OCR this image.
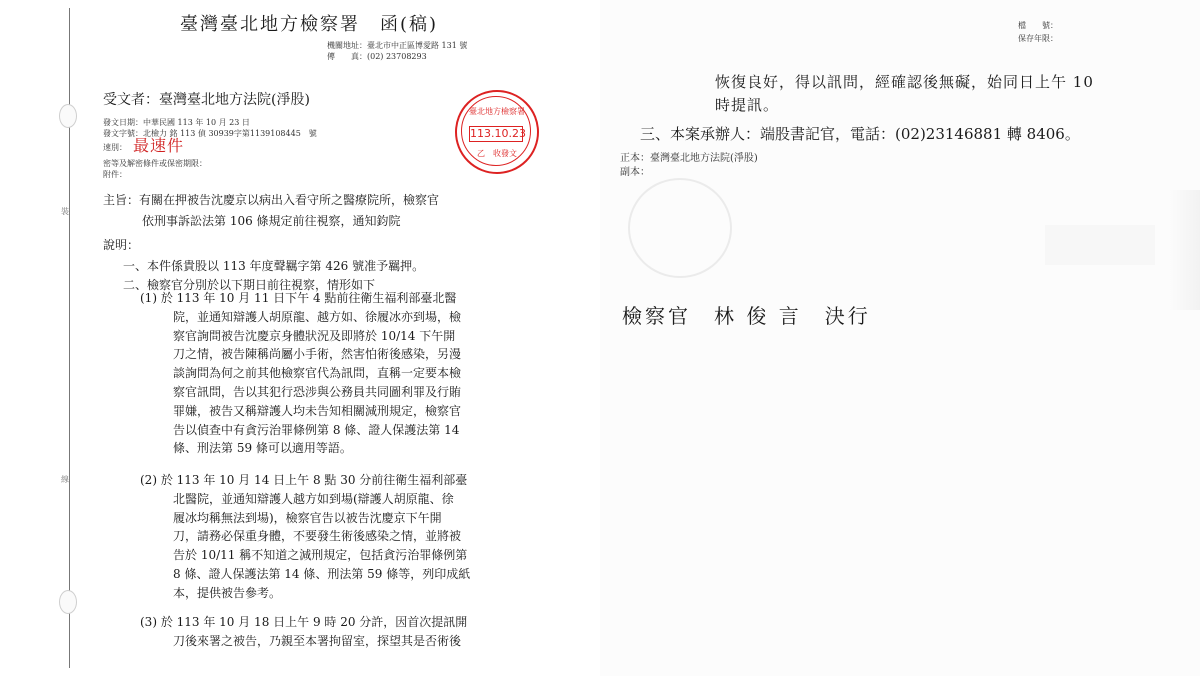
裝
線
臺灣臺北地方檢察署　函(稿)
機關地址：臺北市中正區博愛路 131 號
傳　　真：(02) 23708293
受文者：臺灣臺北地方法院(淨股)
發文日期：中華民國 113 年 10 月 23 日
發文字號：北檢力 銘 113 偵 30939字第1139108445　號
速別： 最速件
密等及解密條件或保密期限：
附件：
臺北地方檢察署
113.10.23
乙　收發文
主旨：有關在押被告沈慶京以病出入看守所之醫療院所，檢察官
依刑事訴訟法第 106 條規定前往視察，通知鈞院
說明：
一、本件係貴股以 113 年度聲羈字第 426 號准予羈押。
二、檢察官分別於以下期日前往視察，情形如下
(1) 於 113 年 10 月 11 日下午 4 點前往衛生福利部臺北醫
院，並通知辯護人胡原龍、越方如、徐履冰亦到場，檢
察官詢問被告沈慶京身體狀況及即將於 10/14 下午開
刀之情，被告陳稱尚屬小手術，然害怕術後感染，另漫
談詢問為何之前其他檢察官代為訊問，直稱一定要本檢
察官訊問，告以其犯行恐涉與公務員共同圖利罪及行賄
罪嫌，被告又稱辯護人均未告知相關減刑規定，檢察官
告以偵查中有貪污治罪條例第 8 條、證人保護法第 14
條、刑法第 59 條可以適用等語。
(2) 於 113 年 10 月 14 日上午 8 點 30 分前往衛生福利部臺
北醫院，並通知辯護人越方如到場(辯護人胡原龍、徐
履冰均稱無法到場)，檢察官告以被告沈慶京下午開
刀，請務必保重身體，不要發生術後感染之情，並將被
告於 10/11 稱不知道之減刑規定，包括貪污治罪條例第
8 條、證人保護法第 14 條、刑法第 59 條等，列印成紙
本，提供被告參考。
(3) 於 113 年 10 月 18 日上午 9 時 20 分許，因首次提訊開
刀後來署之被告，乃親至本署拘留室，探望其是否術後
檔　　號：
保存年限：
恢復良好，得以訊問，經確認後無礙，始同日上午 10
時提訊。
三、本案承辦人：端股書記官，電話：(02)23146881 轉 8406。
正本：臺灣臺北地方法院(淨股)
副本：
檢察官　林 俊 言　決行
